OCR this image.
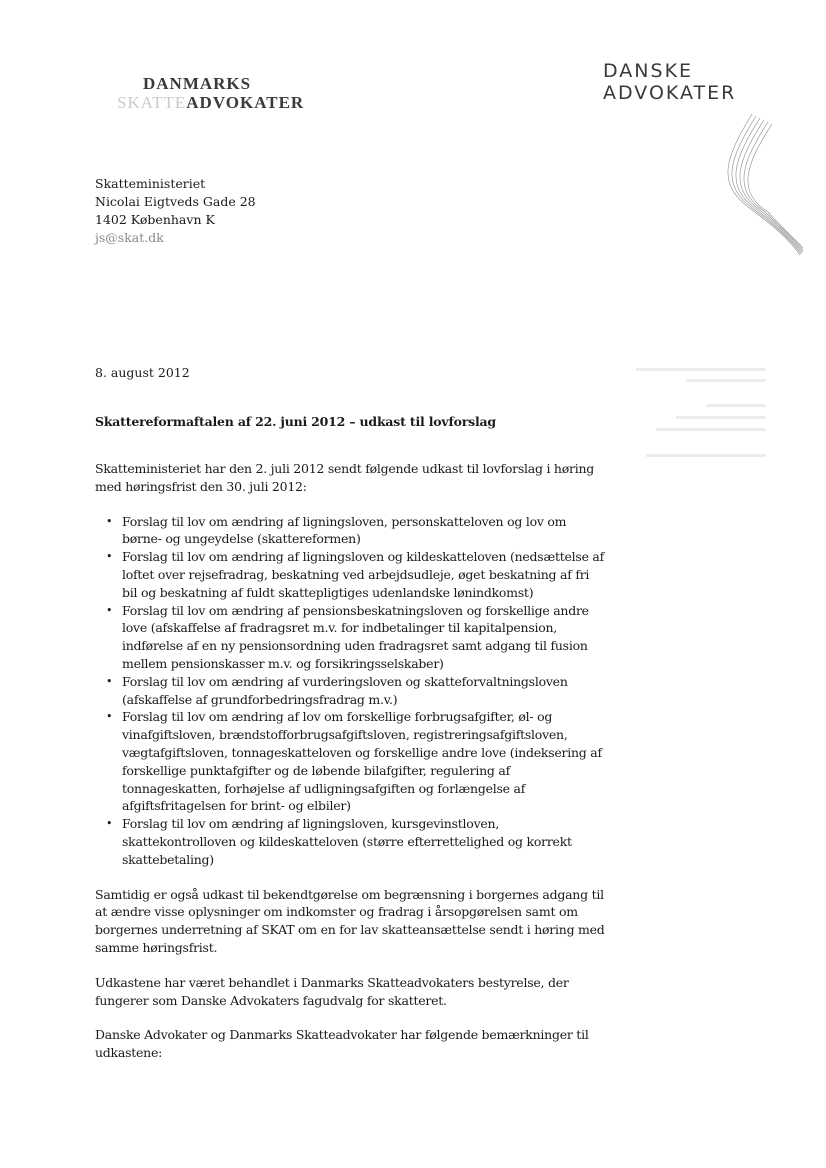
DANMARKS
SKATTEADVOKATER
DANSKE
ADVOKATER
Skatteministeriet
Nicolai Eigtveds Gade 28
1402 København K
js@skat.dk
8. august 2012
Skattereformaftalen af 22. juni 2012 – udkast til lovforslag

Skatteministeriet har den 2. juli 2012 sendt følgende udkast til lovforslag i høring med høringsfrist den 30. juli 2012:

• Forslag til lov om ændring af ligningsloven, personskatteloven og lov om børne- og ungeydelse (skattereformen)
• Forslag til lov om ændring af ligningsloven og kildeskatteloven (nedsættelse af loftet over rejsefradrag, beskatning ved arbejdsudleje, øget beskatning af fri bil og beskatning af fuldt skattepligtiges udenlandske lønindkomst)
• Forslag til lov om ændring af pensionsbeskatningsloven og forskellige andre love (afskaffelse af fradragsret m.v. for indbetalinger til kapitalpension, indførelse af en ny pensionsordning uden fradragsret samt adgang til fusion mellem pensionskasser m.v. og forsikringsselskaber)
• Forslag til lov om ændring af vurderingsloven og skatteforvaltningsloven (afskaffelse af grundforbedringsfradrag m.v.)
• Forslag til lov om ændring af lov om forskellige forbrugsafgifter, øl- og vinafgiftsloven, brændstofforbrugsafgiftsloven, registreringsafgiftsloven, vægtafgiftsloven, tonnageskatteloven og forskellige andre love (indeksering af forskellige punktafgifter og de løbende bilafgifter, regulering af tonnageskatten, forhøjelse af udligningsafgiften og forlængelse af afgiftsfritagelsen for brint- og elbiler)
• Forslag til lov om ændring af ligningsloven, kursgevinstloven, skattekontrolloven og kildeskatteloven (større efterrettelighed og korrekt skattebetaling)

Samtidig er også udkast til bekendtgørelse om begrænsning i borgernes adgang til at ændre visse oplysninger om indkomster og fradrag i årsopgørelsen samt om borgernes underretning af SKAT om en for lav skatteansættelse sendt i høring med samme høringsfrist.

Udkastene har været behandlet i Danmarks Skatteadvokaters bestyrelse, der fungerer som Danske Advokaters fagudvalg for skatteret.

Danske Advokater og Danmarks Skatteadvokater har følgende bemærkninger til udkastene:
